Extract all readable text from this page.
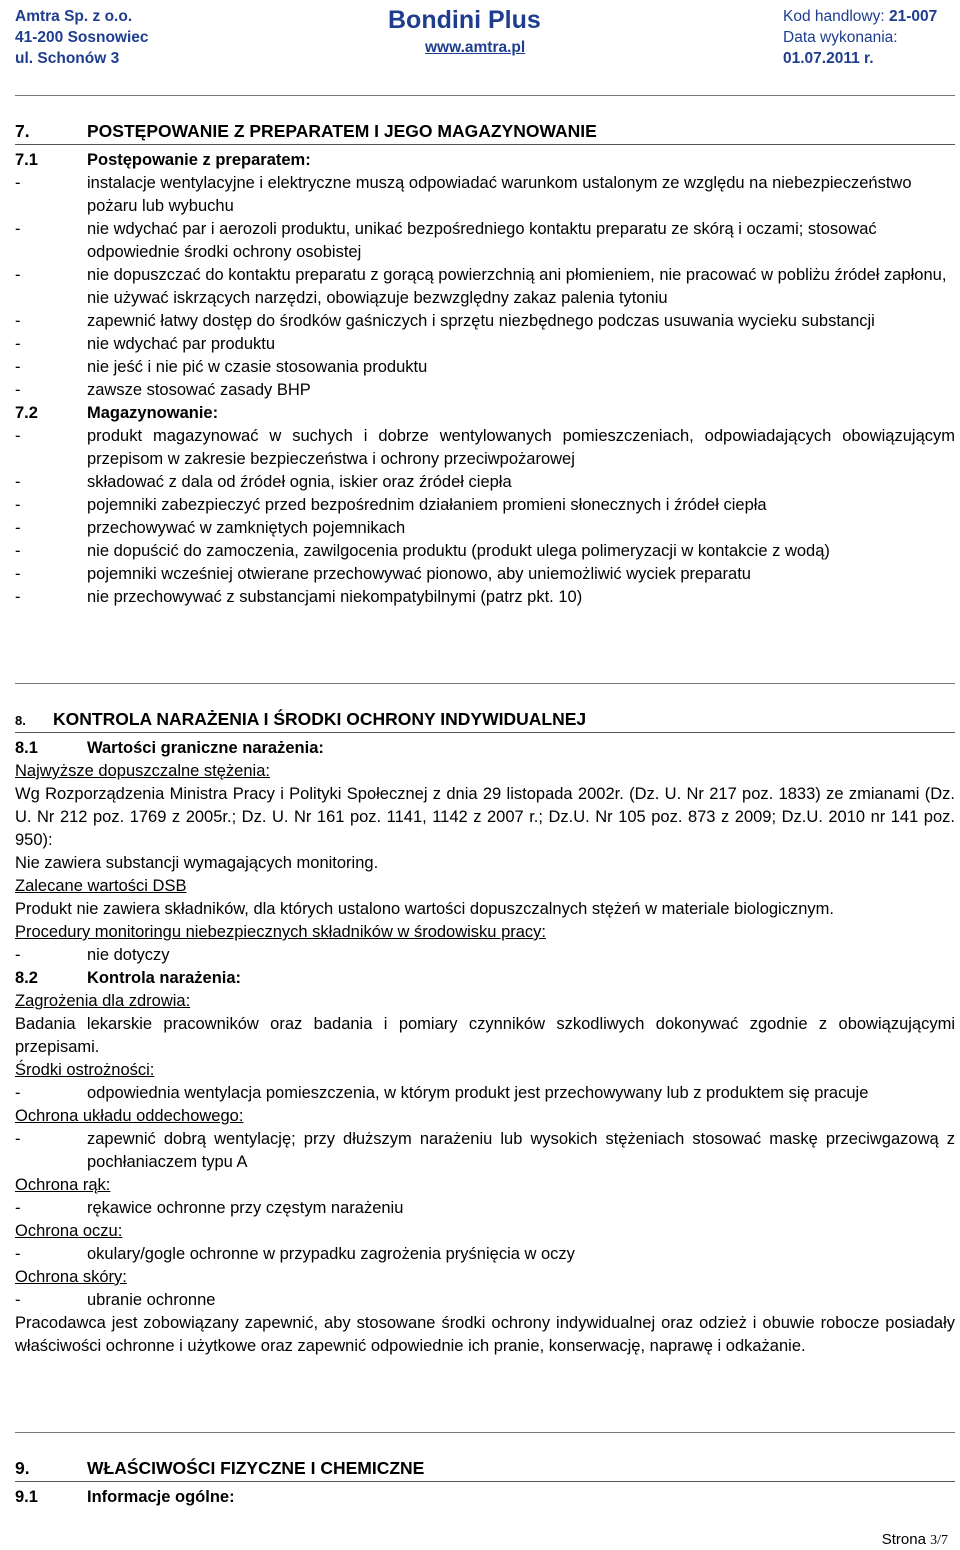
Amtra Sp. z o.o.
41-200 Sosnowiec
ul. Schonów 3
Bondini Plus
www.amtra.pl
Kod handlowy: 21-007
Data wykonania:
01.07.2011 r.
7.	POSTĘPOWANIE Z PREPARATEM I JEGO MAGAZYNOWANIE
7.1	Postępowanie z preparatem:
-	instalacje wentylacyjne i elektryczne muszą odpowiadać warunkom ustalonym ze względu na niebezpieczeństwo pożaru lub wybuchu
-	nie wdychać par i aerozoli produktu, unikać bezpośredniego kontaktu preparatu ze skórą i oczami; stosować odpowiednie środki ochrony osobistej
-	nie dopuszczać do kontaktu preparatu z gorącą powierzchnią ani płomieniem, nie pracować w pobliżu źródeł zapłonu, nie używać iskrzących narzędzi, obowiązuje bezwzględny zakaz palenia tytoniu
-	zapewnić łatwy dostęp do środków gaśniczych i sprzętu niezbędnego podczas usuwania wycieku substancji
-	nie wdychać par produktu
-	nie jeść i nie pić w czasie stosowania produktu
-	zawsze stosować zasady BHP
7.2	Magazynowanie:
-	produkt magazynować w suchych i dobrze wentylowanych pomieszczeniach, odpowiadających obowiązującym przepisom w zakresie bezpieczeństwa i ochrony przeciwpożarowej
-	składować z dala od źródeł ognia, iskier oraz źródeł ciepła
-	pojemniki zabezpieczyć przed bezpośrednim działaniem promieni słonecznych i źródeł ciepła
-	przechowywać w zamkniętych pojemnikach
-	nie dopuścić do zamoczenia, zawilgocenia produktu (produkt ulega polimeryzacji w kontakcie z wodą)
-	pojemniki wcześniej otwierane przechowywać pionowo, aby uniemożliwić wyciek preparatu
-	nie przechowywać z substancjami niekompatybilnymi (patrz pkt. 10)
8. KONTROLA NARAŻENIA I ŚRODKI OCHRONY INDYWIDUALNEJ
8.1	Wartości graniczne narażenia:
Najwyższe dopuszczalne stężenia:
Wg Rozporządzenia Ministra Pracy i Polityki Społecznej z dnia 29 listopada 2002r. (Dz. U. Nr 217 poz. 1833) ze zmianami (Dz. U. Nr 212 poz. 1769 z 2005r.; Dz. U. Nr 161 poz. 1141, 1142 z 2007 r.; Dz.U. Nr 105 poz. 873 z 2009; Dz.U. 2010 nr 141 poz. 950):
Nie zawiera substancji wymagających monitoring.
Zalecane wartości DSB
Produkt nie zawiera składników, dla których ustalono wartości dopuszczalnych stężeń w materiale biologicznym.
Procedury monitoringu niebezpiecznych składników w środowisku pracy:
-	nie dotyczy
8.2	Kontrola narażenia:
Zagrożenia dla zdrowia:
Badania lekarskie pracowników oraz badania i pomiary czynników szkodliwych dokonywać zgodnie z obowiązującymi przepisami.
Środki ostrożności:
-	odpowiednia wentylacja pomieszczenia, w którym produkt jest przechowywany lub z produktem się pracuje
Ochrona układu oddechowego:
-	zapewnić dobrą wentylację; przy dłuższym narażeniu lub wysokich stężeniach stosować maskę przeciwgazową z pochłaniaczem typu A
Ochrona rąk:
-	rękawice ochronne przy częstym narażeniu
Ochrona oczu:
-	okulary/gogle ochronne w przypadku zagrożenia pryśnięcia w oczy
Ochrona skóry:
-	ubranie ochronne
Pracodawca jest zobowiązany zapewnić, aby stosowane środki ochrony indywidualnej oraz odzież i obuwie robocze posiadały właściwości ochronne i użytkowe oraz zapewnić odpowiednie ich pranie, konserwację, naprawę i odkażanie.
9.	WŁAŚCIWOŚCI FIZYCZNE I CHEMICZNE
9.1	Informacje ogólne:
Strona 3/7
